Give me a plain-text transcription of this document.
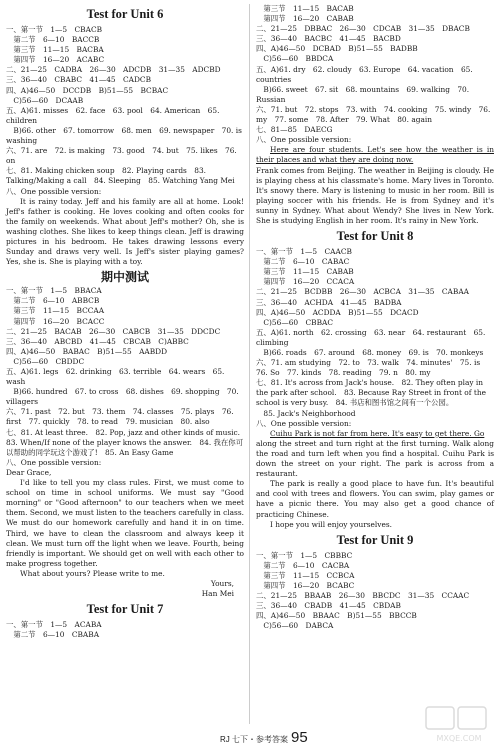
Test for Unit 6
一、第一节　1—5　CBACB
　第二节　6—10　BACCB
　第三节　11—15　BACBA
　第四节　16—20　ACABC
二、21—25　CADBA　26—30　ADCDB　31—35　ADCBD
三、36—40　CBABC　41—45　CADCB
四、A)46—50　DCCDB　B)51—55　BCBAC
　C)56—60　DCAAB
五、A)61. misses　62. face　63. pool　64. American　65. children
　B)66. other　67. tomorrow　68. men　69. newspaper　70. is washing
六、71. are　72. is making　73. good　74. but　75. likes　76. on
七、81. Making chicken soup　82. Playing cards　83. Talking/Making a call　84. Sleeping　85. Watching Yang Mei
八、One possible version:

It is rainy today. Jeff and his family are all at home. Look! Jeff's father is cooking. He loves cooking and often cooks for the family on weekends. What about Jeff's mother? Oh, she is washing clothes. She likes to keep things clean. Jeff is drawing pictures in his bedroom. He takes drawing lessons every Sunday and draws very well. Is Jeff's sister playing games? Yes, she is. She is playing with a toy.

期中测试
一、第一节　1—5　BBACA
　第二节　6—10　ABBCB
　第三节　11—15　BCCAA
　第四节　16—20　BCACC
二、21—25　BACAB　26—30　CABCB　31—35　DDCDC
三、36—40　ABCBD　41—45　CBCAB　C)ABBC
四、A)46—50　BABAC　B)51—55　AABDD
　C)56—60　CBDDC
五、A)61. legs　62. drinking　63. terrible　64. wears　65. wash
　B)66. hundred　67. to cross　68. dishes　69. shopping　70. villagers
六、71. past　72. but　73. them　74. classes　75. plays　76. first　77. quickly　78. to read　79. musician　80. also
七、81. At least three.　82. Pop, jazz and other kinds of music.　83. When/If none of the player knows the answer.　84. 我在你可以帮助的同学玩这个游戏了!　85. An Easy Game
八、One possible version:
Dear Grace,

I'd like to tell you my class rules. First, we must come to school on time in school uniforms. We must say "Good morning" or "Good afternoon" to our teachers when we meet them. Second, we must listen to the teachers carefully in class. We must do our homework carefully and hand it in on time. Third, we have to clean the classroom and always keep it clean. We must turn off the light when we leave. Fourth, being friendly is important. We should get on well with each other to make progress together.

What about yours? Please write to me.

Yours,
Han Mei
Test for Unit 7
一、第一节　1—5　ACABA
　第二节　6—10　CBABA
　第三节　11—15　BACAB
　第四节　16—20　CABAB
二、21—25　DBBAC　26—30　CDCAB　31—35　DBACB
三、36—40　BACBC　41—45　BACBD
四、A)46—50　DCBAD　B)51—55　BADBB
　C)56—60　BBDCA
五、A)61. dry　62. cloudy　63. Europe　64. vacation　65. countries
　B)66. sweet　67. sit　68. mountains　69. walking　70. Russian
六、71. but　72. stops　73. with　74. cooking　75. windy　76. my　77. some　78. After　79. What　80. again
七、81—85　DAECG
八、One possible version:

Here are four students. Let's see how the weather is in their places and what they are doing now.

Frank comes from Beijing. The weather in Beijing is cloudy. He is playing chess at his classmate's home. Mary lives in Toronto. It's snowy there. Mary is listening to music in her room. Bill is playing soccer with his friends. He is from Sydney and it's sunny in Sydney. What about Wendy? She lives in New York. She is studying English in her room. It's rainy in New York.

Test for Unit 8
一、第一节　1—5　CAACB
　第二节　6—10　CABAC
　第三节　11—15　CABAB
　第四节　16—20　CCACA
二、21—25　BCDBB　26—30　ACBCA　31—35　CABAA
三、36—40　ACHDA　41—45　BADBA
四、A)46—50　ACDDA　B)51—55　DCACD
　C)56—60　CBBAC
五、A)61. north　62. crossing　63. near　64. restaurant　65. climbing
　B)66. roads　67. around　68. money　69. is　70. monkeys
六、71. am studying　72. to　73. walk　74. minutes'　75. is　76. So　77. kinds　78. reading　79. n　80. my
七、81. It's across from Jack's house.　82. They often play in the park after school.　83. Because Ray Street in front of the school is very busy.　84. 书店和图书馆之间有一个公园。
　85. Jack's Neighborhood
八、One possible version:

Cuihu Park is not far from here. It's easy to get there. Go

along the street and turn right at the first turning. Walk along the road and turn left when you find a hospital. Cuihu Park is down the street on your right. The park is across from a restaurant.

The park is really a good place to have fun. It's beautiful and cool with trees and flowers. You can swim, play games or have a picnic there. You may also get a good chance of practicing Chinese.

I hope you will enjoy yourselves.

Test for Unit 9
一、第一节　1—5　CBBBC
　第二节　6—10　CACBA
　第三节　11—15　CCBCA
　第四节　16—20　BCABC
二、21—25　BBAAB　26—30　BBCDC　31—35　CCAAC
三、36—40　CBADB　41—45　CBDAB
四、A)46—50　BBAAC　B)51—55　BBCCB
　C)56—60　DABCA
RJ 七下・参考答案 95	MXQE.COM
